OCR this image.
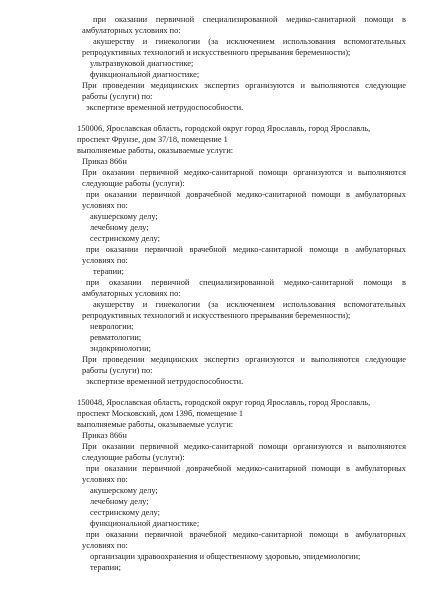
при оказании первичной специализированной медико-санитарной помощи в
амбулаторных условиях по:
акушерству и гинекологии (за исключением использования вспомогательных
репродуктивных технологий и искусственного прерывания беременности);
ультразвуковой диагностике;
функциональной диагностике;
При проведении медицинских экспертиз организуются и выполняются следующие
работы (услуги) по:
экспертизе временной нетрудоспособности.
150006, Ярославская область, городской округ город Ярославль, город Ярославль,
проспект Фрунзе, дом 37/18, помещение 1
выполняемые работы, оказываемые услуги:
Приказ 866н
При оказании первичной медико-санитарной помощи организуются и выполняются
следующие работы (услуги):
при оказании первичной доврачебной медико-санитарной помощи в амбулаторных
условиях по:
акушерскому делу;
лечебному делу;
сестринскому делу;
при оказании первичной врачебной медико-санитарной помощи в амбулаторных
условиях по:
терапии;
при оказании первичной специализированной медико-санитарной помощи в
амбулаторных условиях по:
акушерству и гинекологии (за исключением использования вспомогательных
репродуктивных технологий и искусственного прерывания беременности);
неврологии;
ревматологии;
эндокринологии;
При проведении медицинских экспертиз организуются и выполняются следующие
работы (услуги) по:
экспертизе временной нетрудоспособности.
150048, Ярославская область, городской округ город Ярославль, город Ярославль,
проспект Московский, дом 139б, помещение 1
выполняемые работы, оказываемые услуги:
Приказ 866н
При оказании первичной медико-санитарной помощи организуются и выполняются
следующие работы (услуги):
при оказании первичной доврачебной медико-санитарной помощи в амбулаторных
условиях по:
акушерскому делу;
лечебному делу;
сестринскому делу;
функциональной диагностике;
при оказании первичной врачебной медико-санитарной помощи в амбулаторных
условиях по:
организации здравоохранения и общественному здоровью, эпидемиологии;
терапии;
